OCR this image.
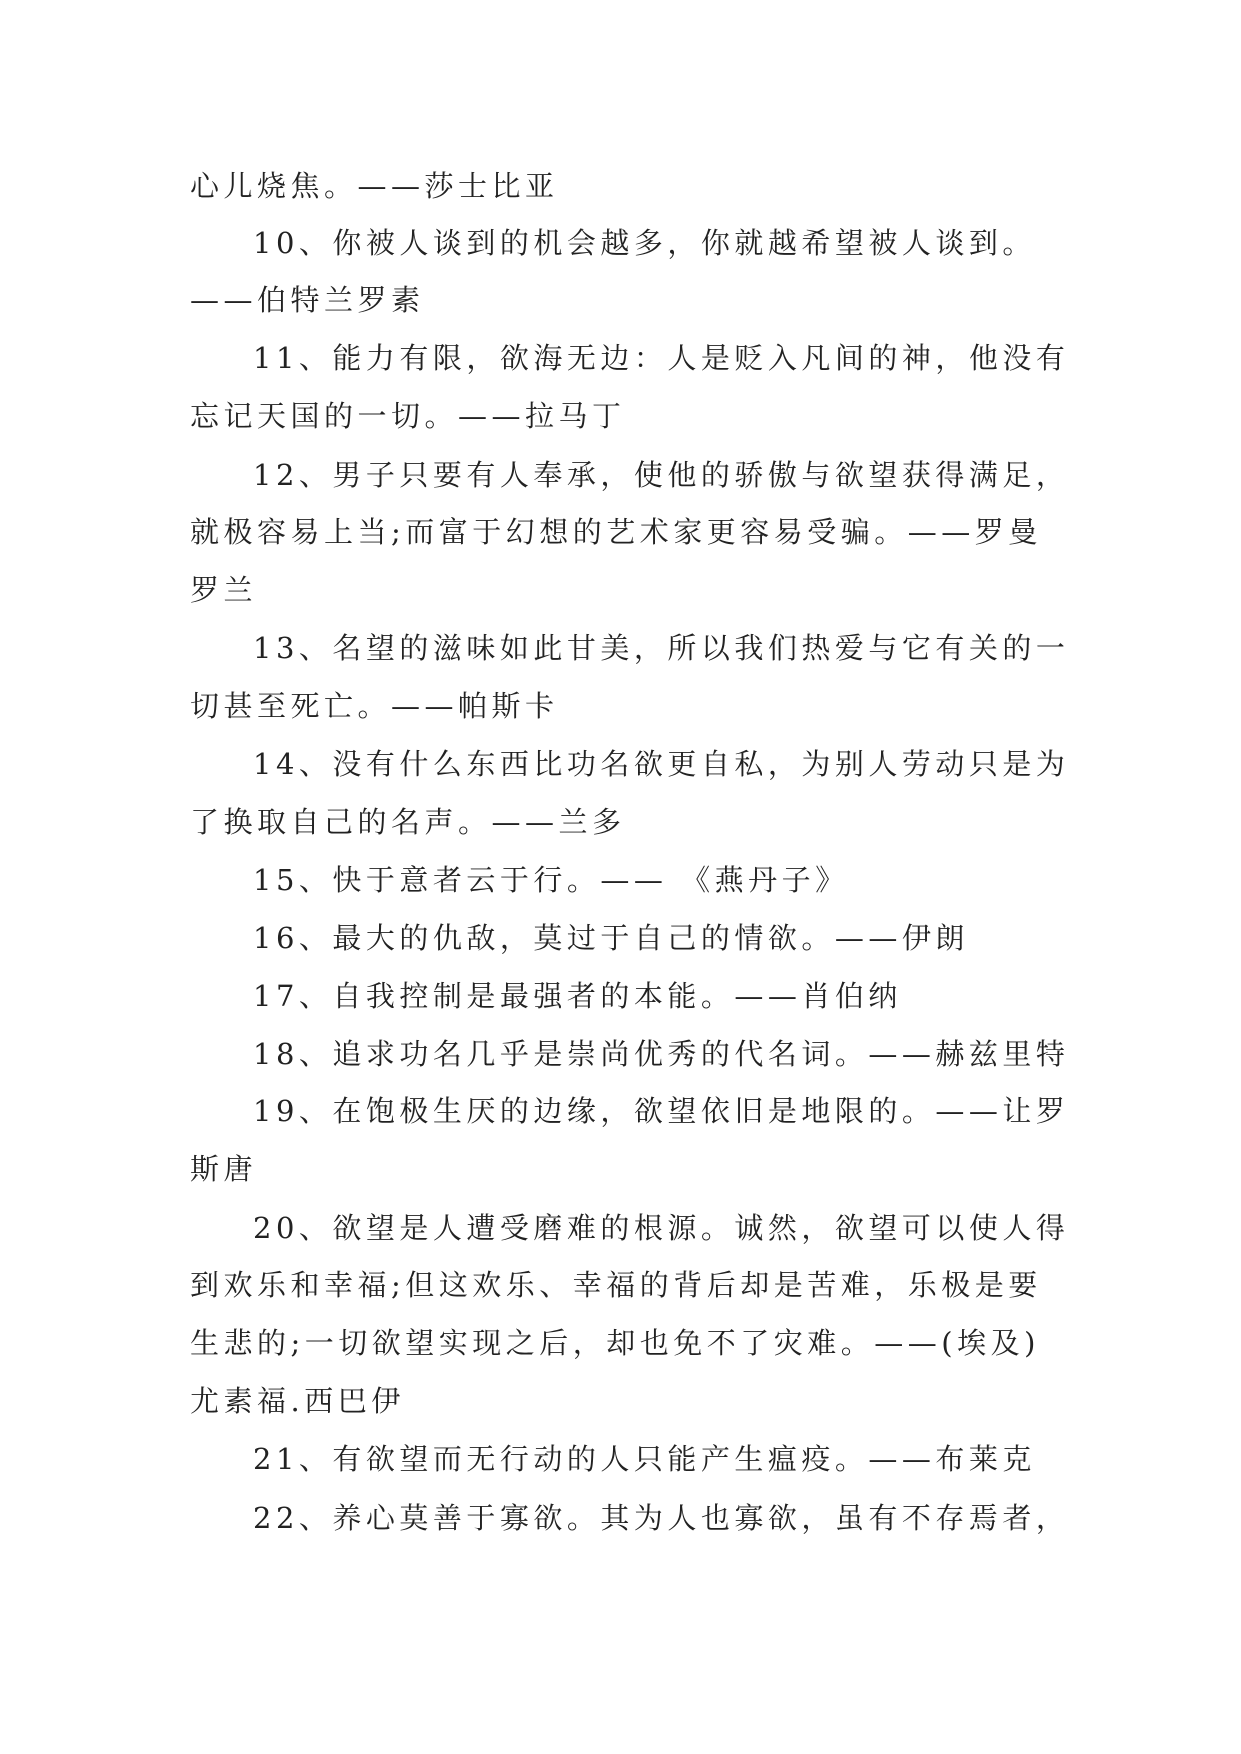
心儿烧焦。——莎士比亚
10、你被人谈到的机会越多，你就越希望被人谈到。
——伯特兰罗素
11、能力有限，欲海无边：人是贬入凡间的神，他没有
忘记天国的一切。——拉马丁
12、男子只要有人奉承，使他的骄傲与欲望获得满足，
就极容易上当;而富于幻想的艺术家更容易受骗。——罗曼
罗兰
13、名望的滋味如此甘美，所以我们热爱与它有关的一
切甚至死亡。——帕斯卡
14、没有什么东西比功名欲更自私，为别人劳动只是为
了换取自己的名声。——兰多
15、快于意者云于行。—— 《燕丹子》
16、最大的仇敌，莫过于自己的情欲。——伊朗
17、自我控制是最强者的本能。——肖伯纳
18、追求功名几乎是崇尚优秀的代名词。——赫兹里特
19、在饱极生厌的边缘，欲望依旧是地限的。——让罗
斯唐
20、欲望是人遭受磨难的根源。诚然，欲望可以使人得
到欢乐和幸福;但这欢乐、幸福的背后却是苦难，乐极是要
生悲的;一切欲望实现之后，却也免不了灾难。——(埃及)
尤素福.西巴伊
21、有欲望而无行动的人只能产生瘟疫。——布莱克
22、养心莫善于寡欲。其为人也寡欲，虽有不存焉者，
